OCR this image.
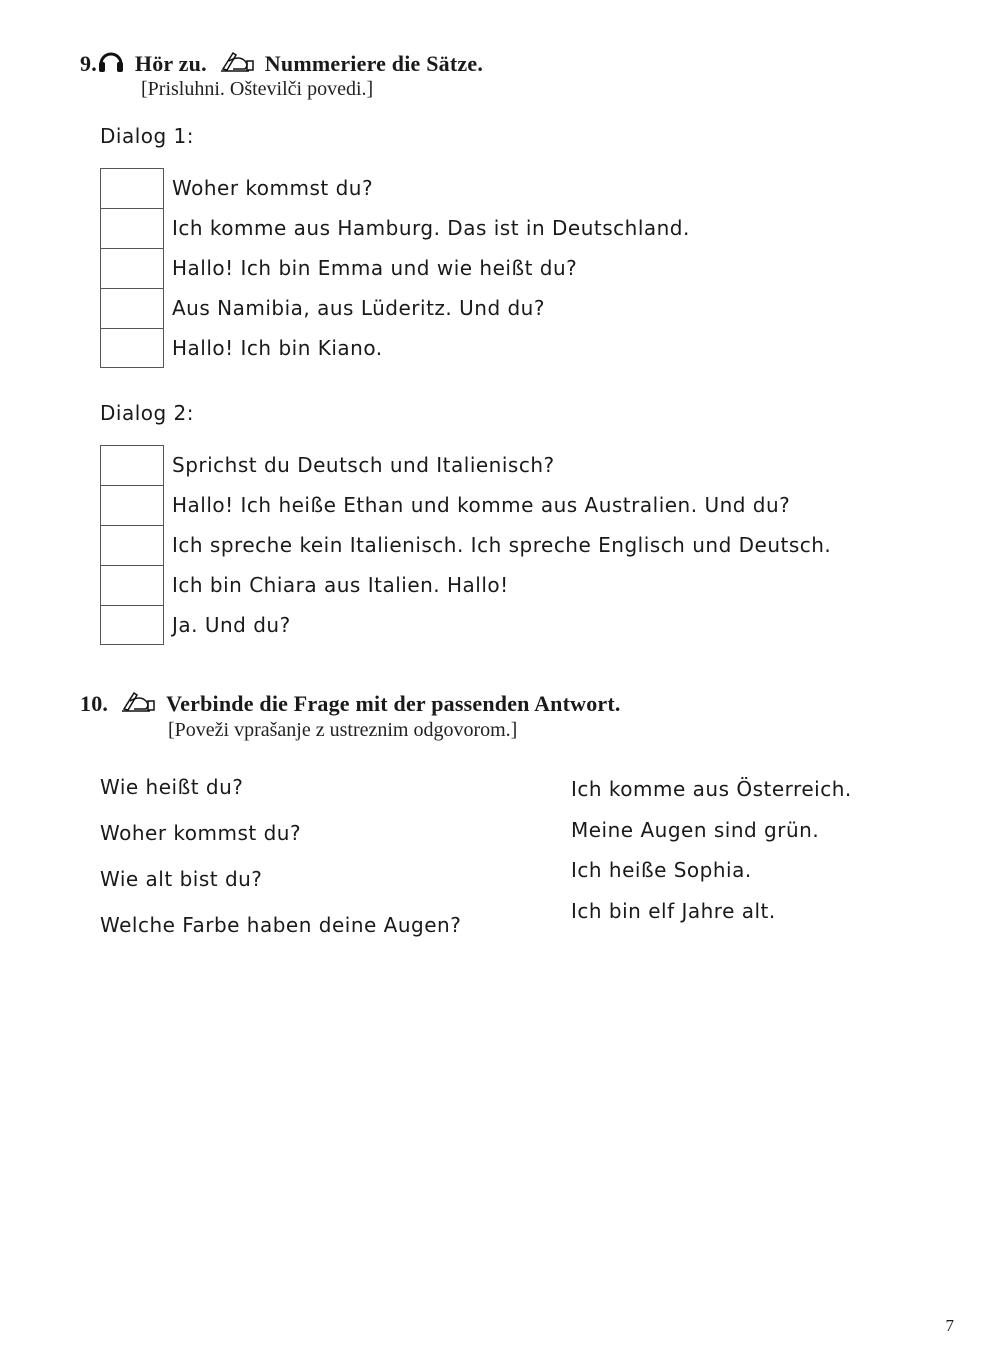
9. Hör zu.	Nummeriere die Sätze.
[Prisluhni. Oštevilči povedi.]
Dialog 1:
Woher kommst du?
Ich komme aus Hamburg. Das ist in Deutschland.
Hallo! Ich bin Emma und wie heißt du?
Aus Namibia, aus Lüderitz. Und du?
Hallo! Ich bin Kiano.
Dialog 2:
Sprichst du Deutsch und Italienisch?
Hallo! Ich heiße Ethan und komme aus Australien. Und du?
Ich spreche kein Italienisch. Ich spreche Englisch und Deutsch.
Ich bin Chiara aus Italien. Hallo!
Ja. Und du?
10.	Verbinde die Frage mit der passenden Antwort.
[Poveži vprašanje z ustreznim odgovorom.]
Wie heißt du?
Woher kommst du?
Wie alt bist du?
Welche Farbe haben deine Augen?
Ich komme aus Österreich.
Meine Augen sind grün.
Ich heiße Sophia.
Ich bin elf Jahre alt.
7
